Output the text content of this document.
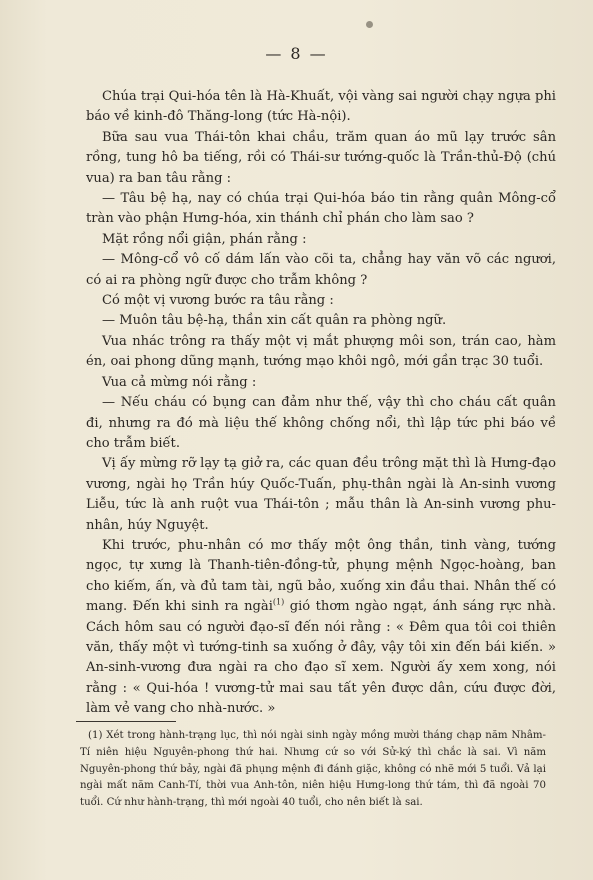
— 8 —

Chúa trại Qui-hóa tên là Hà-Khuất, vội vàng sai người chạy ngựa phi báo về kinh-đô Thăng-long (tức Hà-nội).

Bữa sau vua Thái-tôn khai chầu, trăm quan áo mũ lạy trước sân rồng, tung hô ba tiếng, rồi có Thái-sư tướng-quốc là Trần-thủ-Độ (chú vua) ra ban tâu rằng :

— Tâu bệ hạ, nay có chúa trại Qui-hóa báo tin rằng quân Mông-cổ tràn vào phận Hưng-hóa, xin thánh chỉ phán cho làm sao ?

Mặt rồng nổi giận, phán rằng :

— Mông-cổ vô cố dám lấn vào cõi ta, chẳng hay văn võ các ngươi, có ai ra phòng ngữ được cho trẫm không ?

Có một vị vương bước ra tâu rằng :

— Muôn tâu bệ-hạ, thần xin cất quân ra phòng ngữ.

Vua nhác trông ra thấy một vị mắt phượng môi son, trán cao, hàm én, oai phong dũng mạnh, tướng mạo khôi ngô, mới gần trạc 30 tuổi.

Vua cả mừng nói rằng :

— Nếu cháu có bụng can đảm như thế, vậy thì cho cháu cất quân đi, nhưng ra đó mà liệu thế không chống nổi, thì lập tức phi báo về cho trẫm biết.

Vị ấy mừng rỡ lạy tạ giở ra, các quan đều trông mặt thì là Hưng-đạo vương, ngài họ Trần húy Quốc-Tuấn, phụ-thân ngài là An-sinh vương Liễu, tức là anh ruột vua Thái-tôn ; mẫu thân là An-sinh vương phu-nhân, húy Nguyệt.

Khi trước, phu-nhân có mơ thấy một ông thần, tinh vàng, tướng ngọc, tự xưng là Thanh-tiên-đồng-tử, phụng mệnh Ngọc-hoàng, ban cho kiếm, ấn, và đủ tam tài, ngũ bảo, xuống xin đầu thai. Nhân thế có mang. Đến khi sinh ra ngài$^{(1)}$ gió thơm ngào ngạt, ánh sáng rực nhà. Cách hôm sau có người đạo-sĩ đến nói rằng : « Đêm qua tôi coi thiên văn, thấy một vì tướng-tinh sa xuống ở đây, vậy tôi xin đến bái kiến. » An-sinh-vương đưa ngài ra cho đạo sĩ xem. Người ấy xem xong, nói rằng : « Qui-hóa ! vương-tử mai sau tất yên được dân, cứu được đời, làm vẻ vang cho nhà-nước. »

(1) Xét trong hành-trạng lục, thì nói ngài sinh ngày mồng mười tháng chạp năm Nhâm-Tí niên hiệu Nguyên-phong thứ hai. Nhưng cứ so với Sử-ký thì chắc là sai. Vì năm Nguyên-phong thứ bảy, ngài đã phụng mệnh đi đánh giặc, không có nhẽ mới 5 tuổi. Vả lại ngài mất năm Canh-Tí, thời vua Anh-tôn, niên hiệu Hưng-long thứ tám, thì đã ngoài 70 tuổi. Cứ như hành-trạng, thì mới ngoài 40 tuổi, cho nên biết là sai.
